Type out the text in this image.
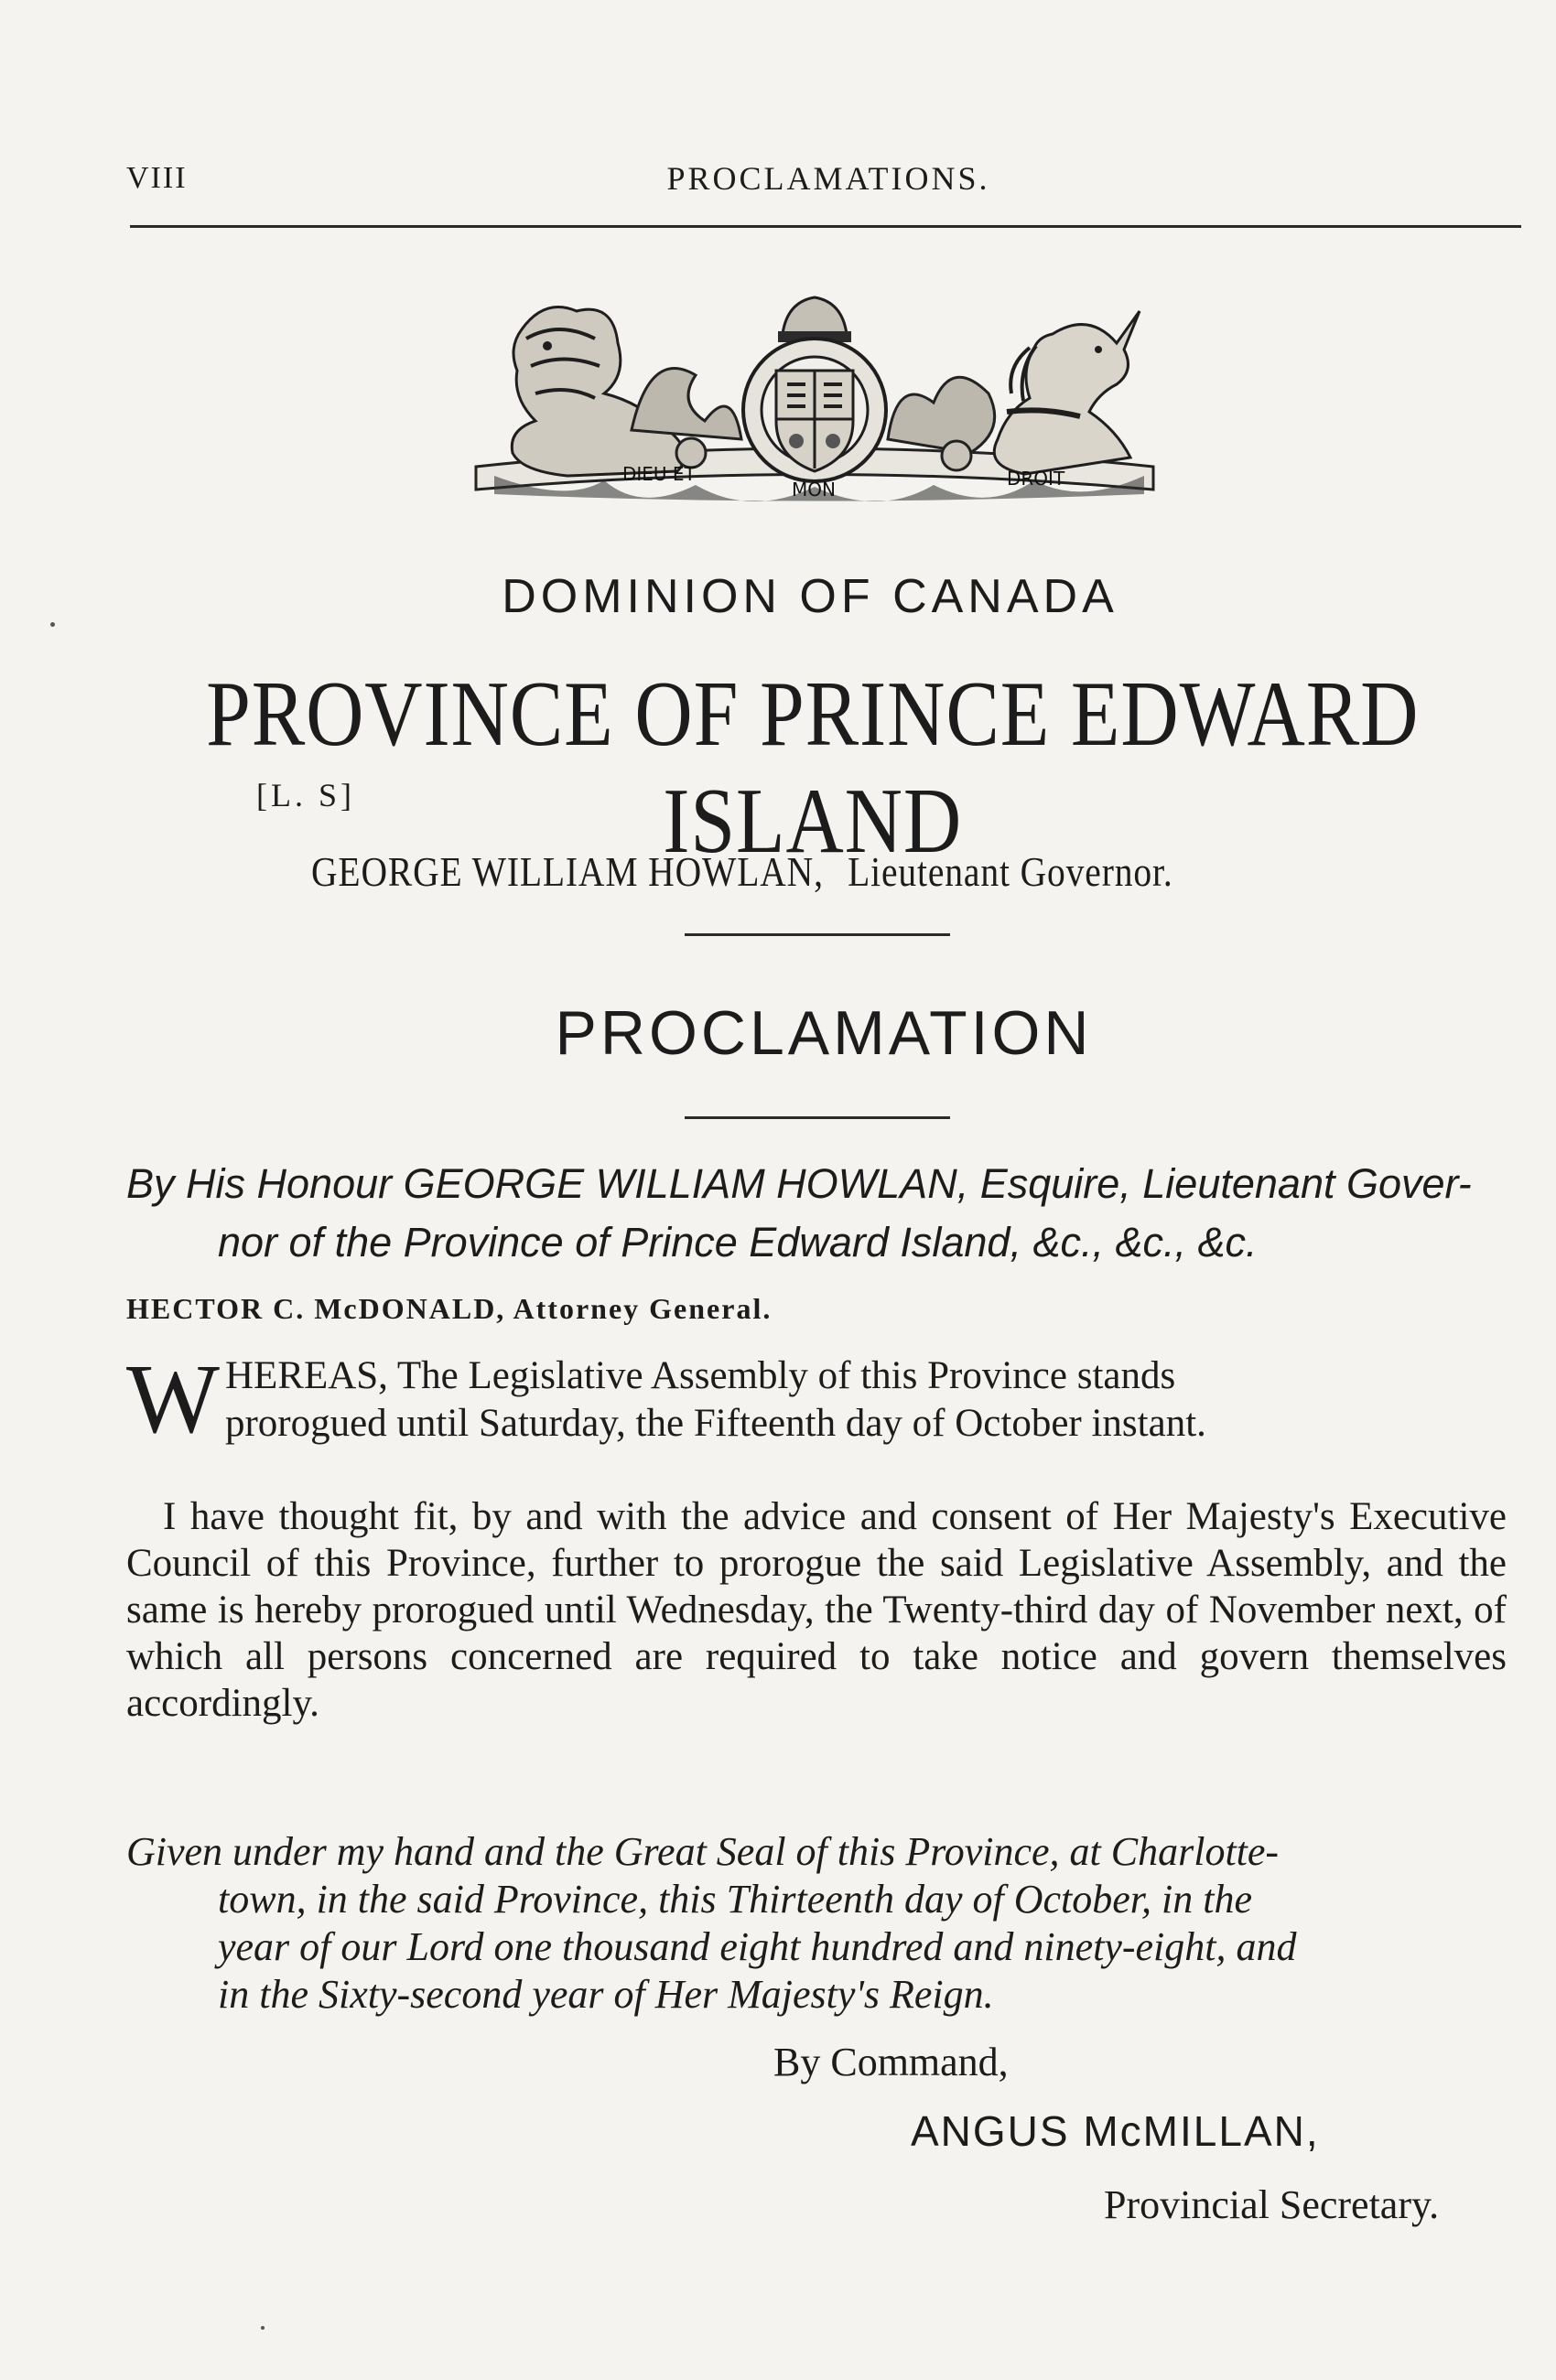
VIII	PROCLAMATIONS.
DIEU ET
MON	DROIT
DOMINION OF CANADA
PROVINCE OF PRINCE EDWARD ISLAND
[L. S]
GEORGE WILLIAM HOWLAN, Lieutenant Governor.
PROCLAMATION
By His Honour GEORGE WILLIAM HOWLAN, Esquire, Lieutenant Gover-
nor of the Province of Prince Edward Island, &c., &c., &c.
HECTOR C. McDONALD, Attorney General.
W HEREAS, The Legislative Assembly of this Province stands
prorogued until Saturday, the Fifteenth day of October instant.
I have thought fit, by and with the advice and consent of Her Majesty's Executive Council of this Province, further to prorogue the said Legislative Assembly, and the same is hereby prorogued until Wednesday, the Twenty-third day of November next, of which all persons concerned are required to take notice and govern themselves accordingly.
Given under my hand and the Great Seal of this Province, at Charlotte-
town, in the said Province, this Thirteenth day of October, in the
year of our Lord one thousand eight hundred and ninety-eight, and
in the Sixty-second year of Her Majesty's Reign.
By Command,
ANGUS McMILLAN,
Provincial Secretary.
